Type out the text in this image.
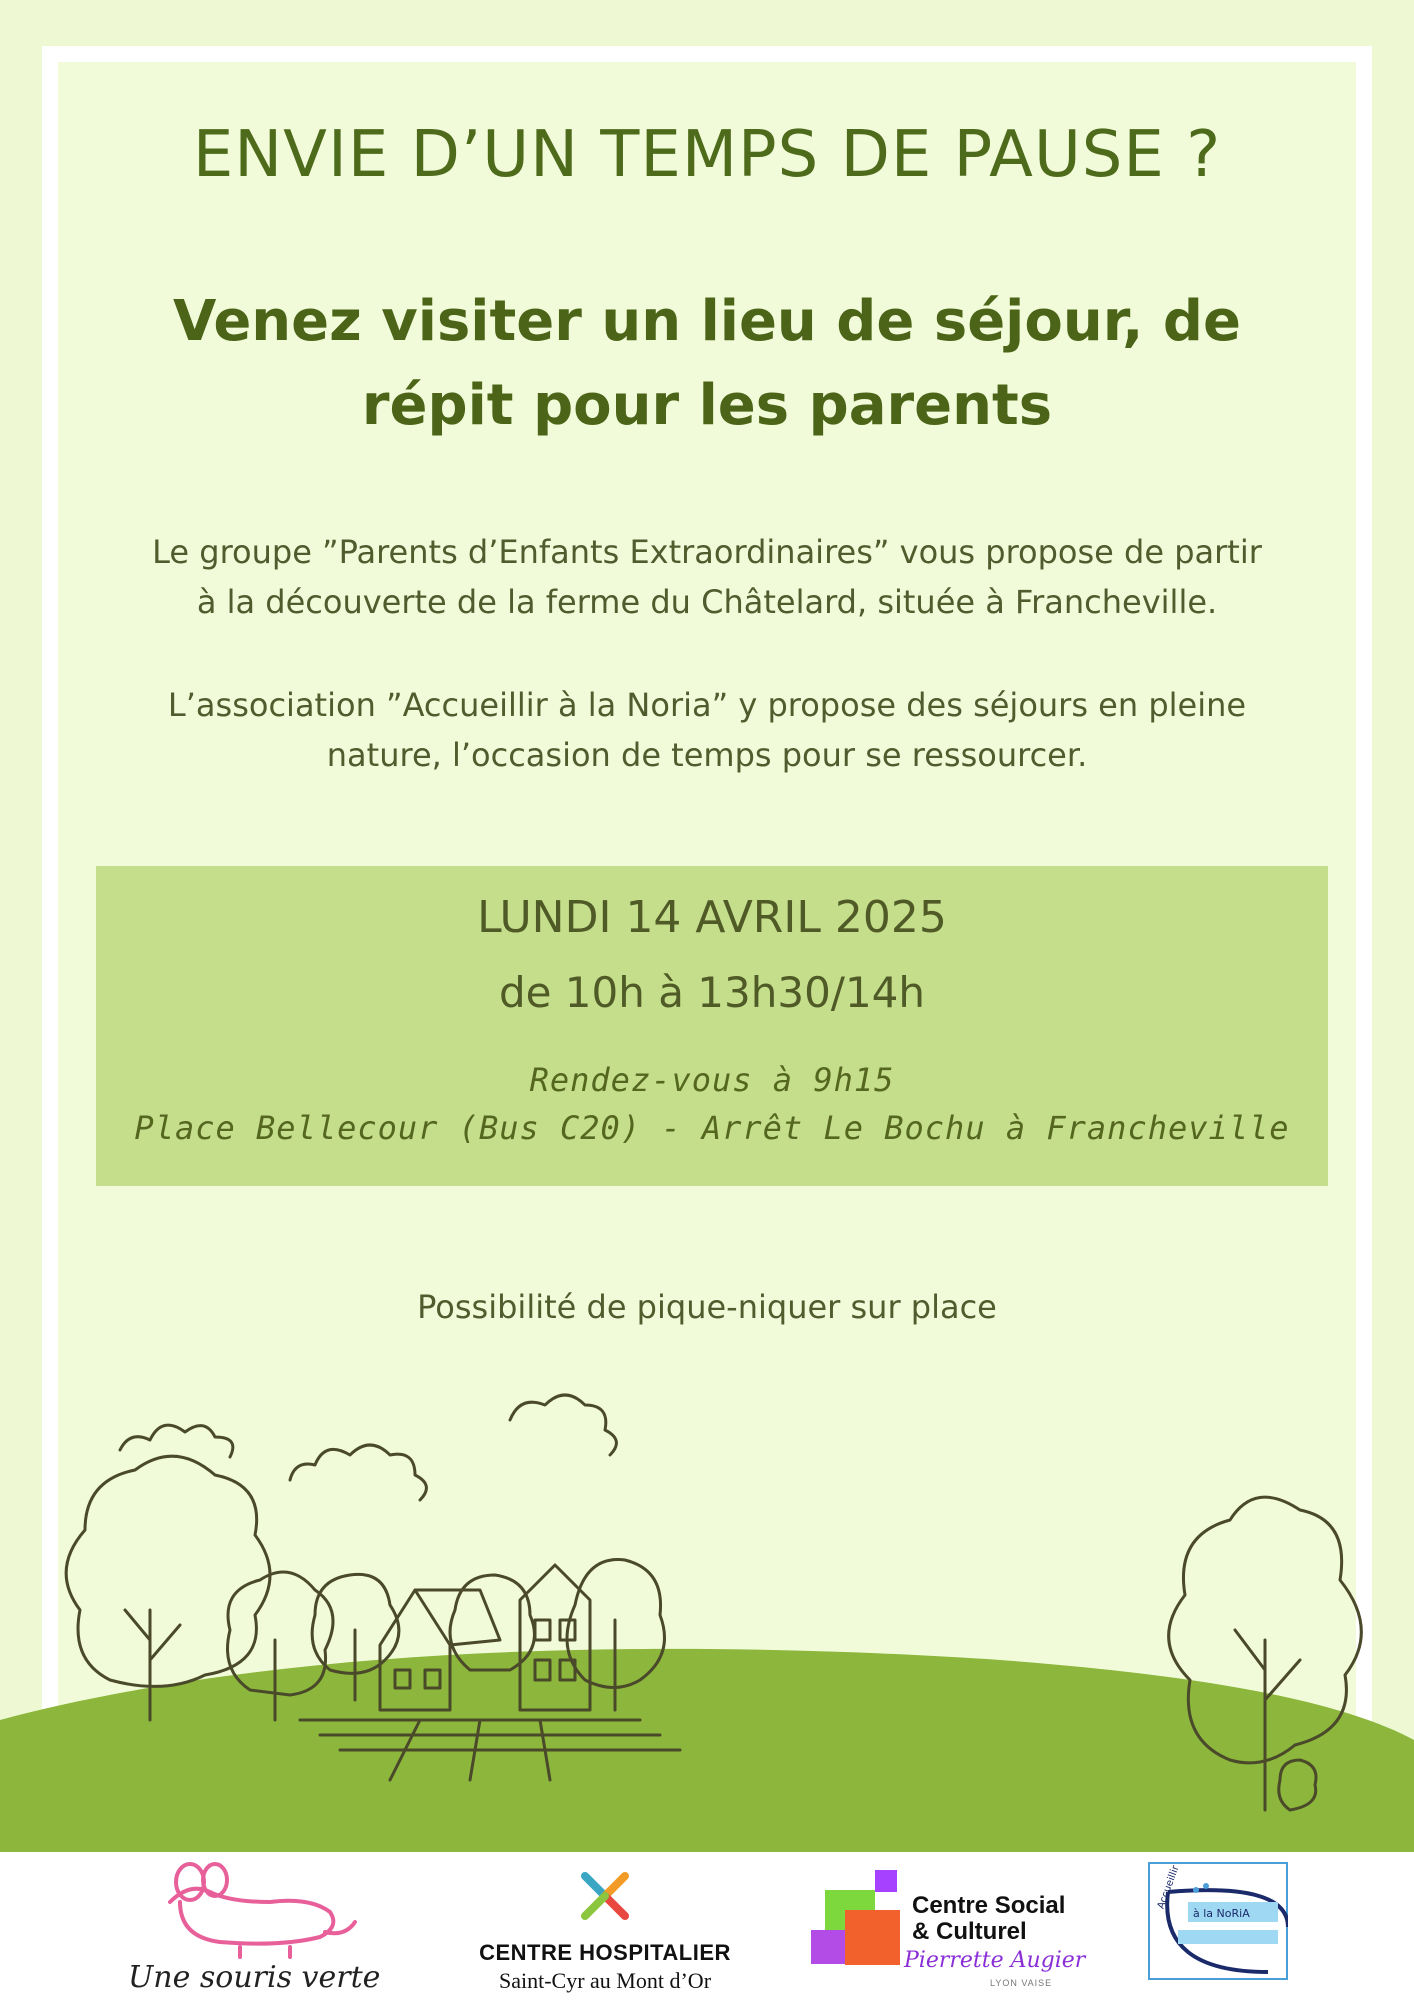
ENVIE D’UN TEMPS DE PAUSE ?
Venez visiter un lieu de séjour, de
répit pour les parents
Le groupe ”Parents d’Enfants Extraordinaires” vous propose de partir
à la découverte de la ferme du Châtelard, située à Francheville.
L’association ”Accueillir à la Noria” y propose des séjours en pleine
nature, l’occasion de temps pour se ressourcer.
LUNDI 14 AVRIL 2025
de 10h à 13h30/14h
Rendez-vous à 9h15
Place Bellecour (Bus C20) - Arrêt Le Bochu à Francheville
Possibilité de pique-niquer sur place
Une souris verte
CENTRE HOSPITALIER
Saint-Cyr au Mont d’Or
Centre Social
& Culturel
Pierrette Augier
LYON VAISE
à la NoRiA
Accueillir
